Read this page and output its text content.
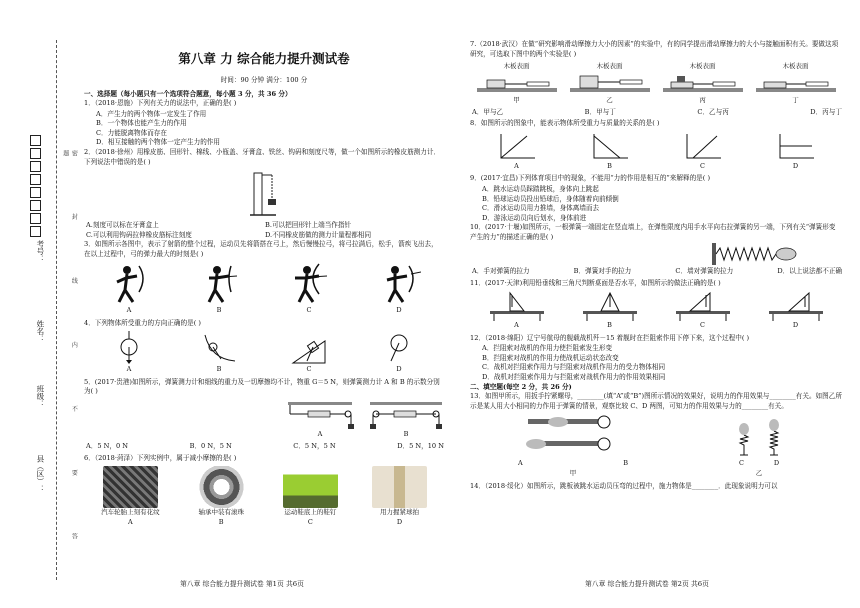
密 封 线 内 不 要 答 题
考号：
姓名：
班级：
县（区）：
第八章 力 综合能力提升测试卷
时间：90 分钟 满分：100 分
一、选择题（每小题只有一个选项符合题意，每小题 3 分，共 36 分）
1．（2018·恩施）下列有关力的说法中，正确的是( )
A．产生力的两个物体一定发生了作用
B．一个物体也能产生力的作用
C．力能脱离物体而存在
D．相互接触的两个物体一定产生力的作用
2．（2018·徐州）用橡皮筋、回形针、棉线、小瓶盖、牙膏盒、铁丝、钩码和刻度尺等，做一个如图所示的橡皮筋测力计．下列说法中错误的是( )
A.刻度可以标在牙膏盒上	B.可以把回形针上端当作指针
C.可以利用钩码拉伸橡皮筋标注刻度	D.不同橡皮筋做的测力计量程都相同
3．如图所示各图中，表示了射箭的整个过程，运动员先将箭搭在弓上，然后慢慢拉弓，将弓拉满后，松手，箭疾飞出去，在以上过程中，弓的弹力最大的时刻是( )
A	B	C	D
4．下列物体所受重力的方向正确的是( )
A	B	C	D
5．(2017·贵港)如图所示，弹簧测力计和细线的重力及一切摩擦均不计，物重 G＝5 N，则弹簧测力计 A 和 B 的示数分别为( )
A	B
A．5 N，0 N	B．0 N，5 N	C．5 N，5 N	D．5 N，10 N
6．（2018·菏泽）下列实例中，属于减小摩擦的是( )
汽车轮胎上刻有花纹
A
轴承中装有滚珠
B
运动鞋底上的鞋钉
C
用力握紧球拍
D
第八章 综合能力提升测试卷 第1页 共6页
7.（2018·武汉）在做“研究影响滑动摩擦力大小的因素”的实验中，有的同学提出滑动摩擦力的大小与接触面积有关。要做这项研究，可选取下图中的两个实验是( )
木板表面
甲
木板表面
乙
木板表面
丙
木板表面
丁
A．甲与乙	B．甲与丁	C．乙与丙	D．丙与丁
8．如图所示的图象中，能表示物体所受重力与质量的关系的是( )
A	B	C	D
9．(2017·宜昌)下列体育项目中的现象，不能用“力的作用是相互的”来解释的是( )
A．跳水运动员踩踏跳板，身体向上跳起
B．铅球运动员投出铅球后，身体随着向前倾倒
C．滑冰运动员用力推墙，身体离墙而去
D．游泳运动员向后划水，身体前进
10．(2017·十堰)如图所示，一根弹簧一端固定在竖直墙上，在弹性限度内用手水平向右拉弹簧的另一端，下列有关“弹簧形变产生的力”的描述正确的是( )
A．手对弹簧的拉力	B．弹簧对手的拉力	C．墙对弹簧的拉力	D．以上说法都不正确
11．(2017·天津)利用铅垂线和三角尺判断桌面是否水平，如图所示的做法正确的是( )
A	B	C	D
12．（2018·绵阳）辽宁号航母的舰载战机歼－15 着舰时在拦阻索作用下停下来，这个过程中( )
A．拦阻索对战机的作用力使拦阻索发生形变
B．拦阻索对战机的作用力使战机运动状态改变
C．战机对拦阻索作用力与拦阻索对战机作用力的受力物体相同
D．战机对拦阻索作用力与拦阻索对战机作用力的作用效果相同
二、填空题(每空 2 分，共 26 分)
13．如图甲所示，用扳手拧紧螺母，________(填“A”或“B”)图所示情况的效果好，说明力的作用效果与________有关。如图乙所示是某人用大小相同的力作用于弹簧的情景，观察比较 C、D 两图，可知力的作用效果与力的________有关。
A	B
甲
C	D
乙
14．（2018·绥化）如图所示，跳板被跳水运动员压弯的过程中，施力物体是________．此现象说明力可以
第八章 综合能力提升测试卷 第2页 共6页
